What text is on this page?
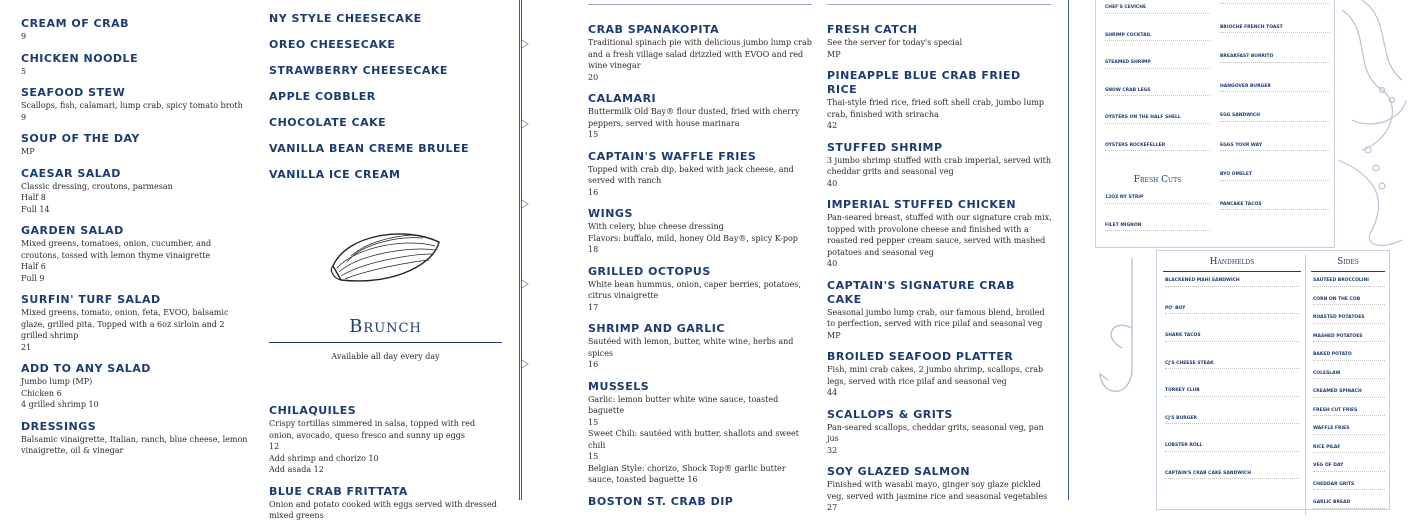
CREAM OF CRAB
9
CHICKEN NOODLE
5
SEAFOOD STEW
Scallops, fish, calamari, lump crab, spicy tomato broth
9
SOUP OF THE DAY
MP
CAESAR SALAD
Classic dressing, croutons, parmesan
Half 8
Full 14
GARDEN SALAD
Mixed greens, tomatoes, onion, cucumber, and croutons, tossed with lemon thyme vinaigrette
Half 6
Full 9
SURFIN' TURF SALAD
Mixed greens, tomato, onion, feta, EVOO, balsamic glaze, grilled pita. Topped with a 6oz sirloin and 2 grilled shrimp
21
ADD TO ANY SALAD
Jumbo lump (MP)
Chicken 6
4 grilled shrimp 10
DRESSINGS
Balsamic vinaigrette, Italian, ranch, blue cheese, lemon vinaigrette, oil & vinegar
NY STYLE CHEESECAKE
OREO CHEESECAKE
STRAWBERRY CHEESECAKE
APPLE COBBLER
CHOCOLATE CAKE
VANILLA BEAN CREME BRULEE
VANILLA ICE CREAM
Brunch
Available all day every day
CHILAQUILES
Crispy tortillas simmered in salsa, topped with red onion, avocado, queso fresco and sunny up eggs
12
Add shrimp and chorizo 10
Add asada 12
BLUE CRAB FRITTATA
Onion and potato cooked with eggs served with dressed mixed greens
CRAB SPANAKOPITA
Traditional spinach pie with delicious jumbo lump crab and a fresh village salad drizzled with EVOO and red wine vinegar
20
CALAMARI
Buttermilk Old Bay® flour dusted, fried with cherry peppers, served with house marinara
15
CAPTAIN'S WAFFLE FRIES
Topped with crab dip, baked with jack cheese, and served with ranch
16
WINGS
With celery, blue cheese dressing
Flavors: buffalo, mild, honey Old Bay®, spicy K-pop
18
GRILLED OCTOPUS
White bean hummus, onion, caper berries, potatoes, citrus vinaigrette
17
SHRIMP AND GARLIC
Sautéed with lemon, butter, white wine, herbs and spices
16
MUSSELS
Garlic: lemon butter white wine sauce, toasted baguette
15
Sweet Chili: sautéed with butter, shallots and sweet chili
15
Belgian Style: chorizo, Shock Top® garlic butter sauce, toasted baguette 16
BOSTON ST. CRAB DIP
FRESH CATCH
See the server for today's special
MP
PINEAPPLE BLUE CRAB FRIED RICE
Thai-style fried rice, fried soft shell crab, jumbo lump crab, finished with sriracha
42
STUFFED SHRIMP
3 jumbo shrimp stuffed with crab imperial, served with cheddar grits and seasonal veg
40
IMPERIAL STUFFED CHICKEN
Pan-seared breast, stuffed with our signature crab mix, topped with provolone cheese and finished with a roasted red pepper cream sauce, served with mashed potatoes and seasonal veg
40
CAPTAIN'S SIGNATURE CRAB CAKE
Seasonal jumbo lump crab, our famous blend, broiled to perfection, served with rice pilaf and seasonal veg
MP
BROILED SEAFOOD PLATTER
Fish, mini crab cakes, 2 jumbo shrimp, scallops, crab legs, served with rice pilaf and seasonal veg
44
SCALLOPS & GRITS
Pan-seared scallops, cheddar grits, seasonal veg, pan jus
32
SOY GLAZED SALMON
Finished with wasabi mayo, ginger soy glaze pickled veg, served with jasmine rice and seasonal vegetables
27
CHEF'S CEVICHE
SHRIMP COCKTAIL
STEAMED SHRIMP
SNOW CRAB LEGS
OYSTERS ON THE HALF SHELL
OYSTERS ROCKEFELLER
BRIOCHE FRENCH TOAST
BREAKFAST BURRITO
HANGOVER BURGER
EGG SANDWICH
EGGS YOUR WAY
BYO OMELET
PANCAKE TACOS
Fresh Cuts
12OZ NY STRIP
FILET MIGNON
Handhelds
BLACKENED MAHI SANDWICH
PO' BOY
SHARK TACOS
CJ'S CHEESE STEAK
TURKEY CLUB
CJ'S BURGER
LOBSTER ROLL
CAPTAIN'S CRAB CAKE SANDWICH
Sides
SAUTÉED BROCCOLINI
CORN ON THE COB
ROASTED POTATOES
MASHED POTATOES
BAKED POTATO
COLESLAW
CREAMED SPINACH
FRESH CUT FRIES
WAFFLE FRIES
RICE PILAF
VEG OF DAY
CHEDDAR GRITS
GARLIC BREAD
